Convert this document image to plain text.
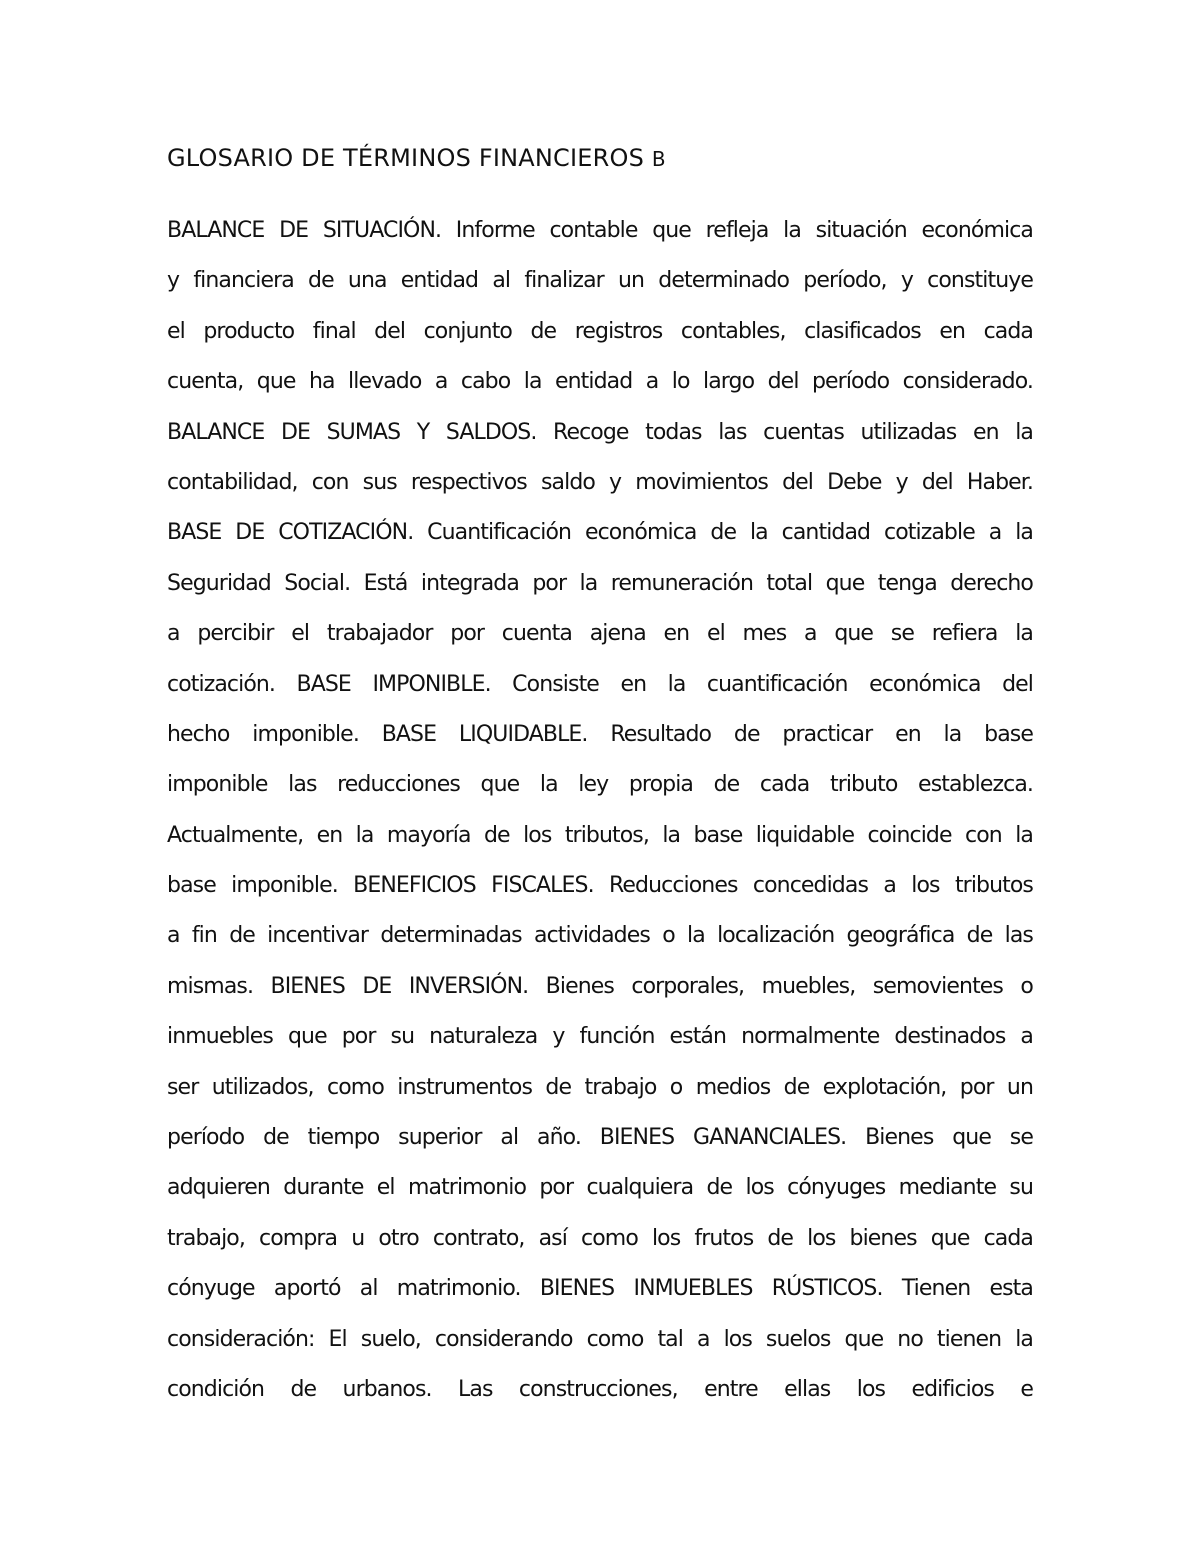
GLOSARIO DE TÉRMINOS FINANCIEROS B
BALANCE DE SITUACIÓN. Informe contable que refleja la situación económica
y financiera de una entidad al finalizar un determinado período, y constituye
el producto final del conjunto de registros contables, clasificados en cada
cuenta, que ha llevado a cabo la entidad a lo largo del período considerado.
BALANCE DE SUMAS Y SALDOS. Recoge todas las cuentas utilizadas en la
contabilidad, con sus respectivos saldo y movimientos del Debe y del Haber.
BASE DE COTIZACIÓN. Cuantificación económica de la cantidad cotizable a la
Seguridad Social. Está integrada por la remuneración total que tenga derecho
a percibir el trabajador por cuenta ajena en el mes a que se refiera la
cotización. BASE IMPONIBLE. Consiste en la cuantificación económica del
hecho imponible. BASE LIQUIDABLE. Resultado de practicar en la base
imponible las reducciones que la ley propia de cada tributo establezca.
Actualmente, en la mayoría de los tributos, la base liquidable coincide con la
base imponible. BENEFICIOS FISCALES. Reducciones concedidas a los tributos
a fin de incentivar determinadas actividades o la localización geográfica de las
mismas. BIENES DE INVERSIÓN. Bienes corporales, muebles, semovientes o
inmuebles que por su naturaleza y función están normalmente destinados a
ser utilizados, como instrumentos de trabajo o medios de explotación, por un
período de tiempo superior al año. BIENES GANANCIALES. Bienes que se
adquieren durante el matrimonio por cualquiera de los cónyuges mediante su
trabajo, compra u otro contrato, así como los frutos de los bienes que cada
cónyuge aportó al matrimonio. BIENES INMUEBLES RÚSTICOS. Tienen esta
consideración: El suelo, considerando como tal a los suelos que no tienen la
condición de urbanos. Las construcciones, entre ellas los edificios e
